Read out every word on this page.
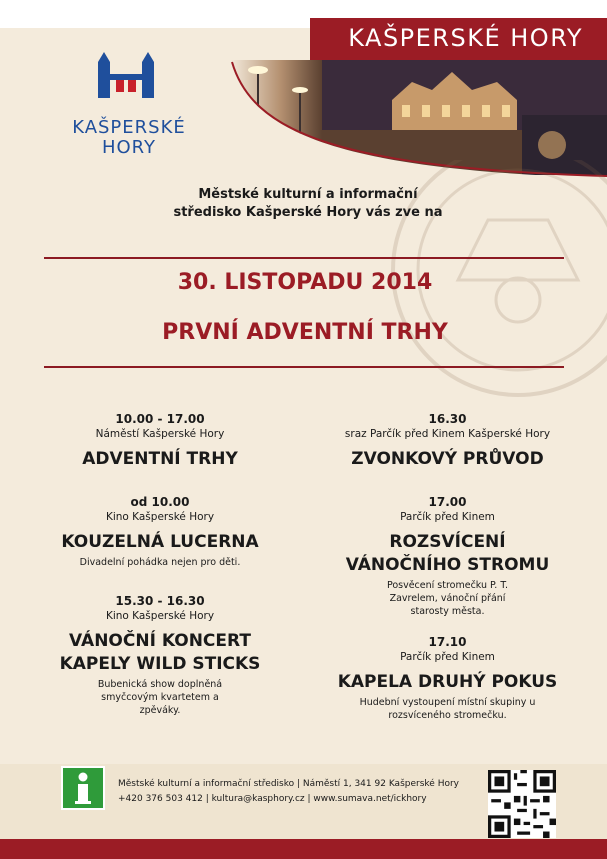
KAŠPERSKÉ HORY
KAŠPERSKÉ
HORY
Městské kulturní a informační
středisko Kašperské Hory vás zve na
30. LISTOPADU 2014
PRVNÍ ADVENTNÍ TRHY
10.00 - 17.00
Náměstí Kašperské Hory
ADVENTNÍ TRHY
od 10.00
Kino Kašperské Hory
KOUZELNÁ LUCERNA
Divadelní pohádka nejen pro děti.
15.30 - 16.30
Kino Kašperské Hory
VÁNOČNÍ KONCERT KAPELY WILD STICKS
Bubenická show doplněná smyčcovým kvartetem a zpěváky.
16.30
sraz Parčík před Kinem Kašperské Hory
ZVONKOVÝ PRŮVOD
17.00
Parčík před Kinem
ROZSVÍCENÍ VÁNOČNÍHO STROMU
Posvěcení stromečku P. T. Zavrelem, vánoční přání starosty města.
17.10
Parčík před Kinem
KAPELA DRUHÝ POKUS
Hudební vystoupení místní skupiny u rozsvíceného stromečku.
Městské kulturní a informační středisko | Náměstí 1, 341 92 Kašperské Hory
+420 376 503 412 | kultura@kasphory.cz | www.sumava.net/ickhory
